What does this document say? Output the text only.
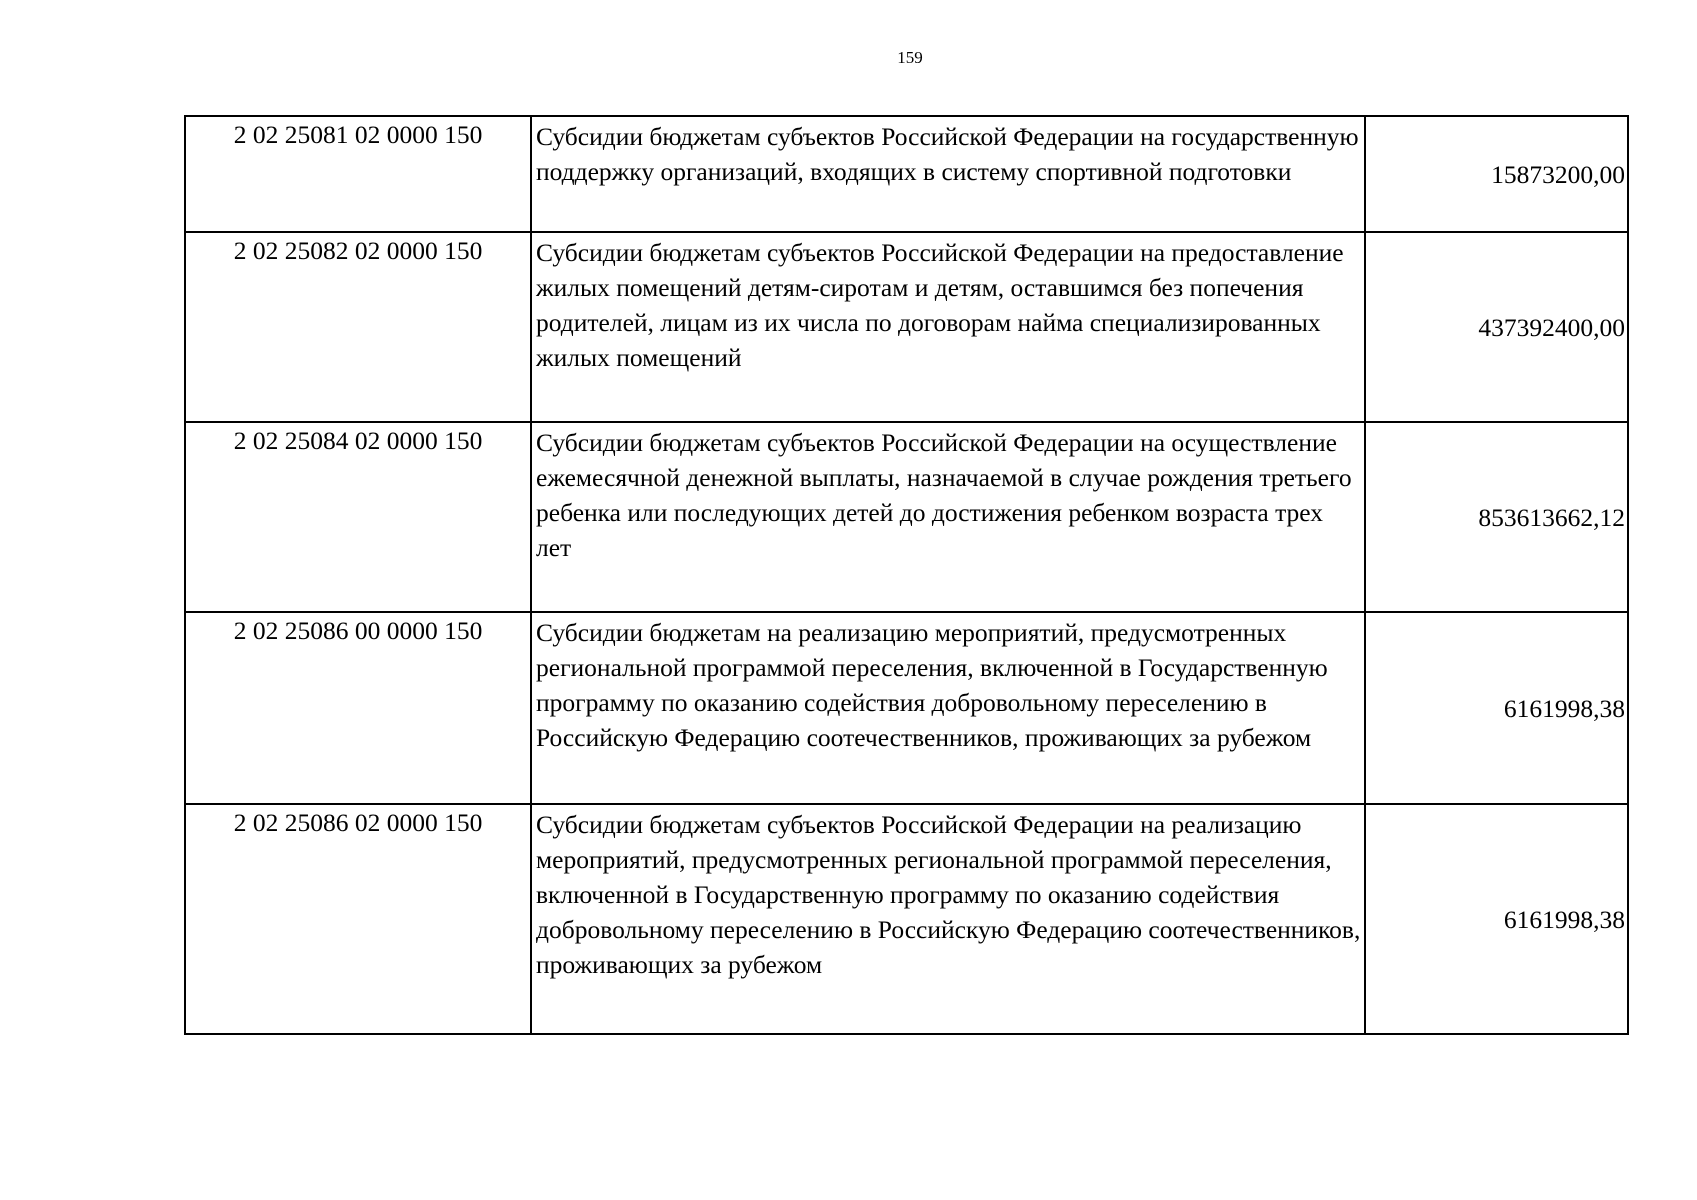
159
2 02 25081 02 0000 150	Субсидии бюджетам субъектов Российской Федерации на государственную поддержку организаций, входящих в систему спортивной подготовки	15873200,00
2 02 25082 02 0000 150	Субсидии бюджетам субъектов Российской Федерации на предоставление жилых помещений детям-сиротам и детям, оставшимся без попечения родителей, лицам из их числа по договорам найма специализированных жилых помещений	437392400,00
2 02 25084 02 0000 150	Субсидии бюджетам субъектов Российской Федерации на осуществление ежемесячной денежной выплаты, назначаемой в случае рождения третьего ребенка или последующих детей до достижения ребенком возраста трех лет	853613662,12
2 02 25086 00 0000 150	Субсидии бюджетам на реализацию мероприятий, предусмотренных региональной программой переселения, включенной в Государственную программу по оказанию содействия добровольному переселению в Российскую Федерацию соотечественников, проживающих за рубежом	6161998,38
2 02 25086 02 0000 150	Субсидии бюджетам субъектов Российской Федерации на реализацию мероприятий, предусмотренных региональной программой переселения, включенной в Государственную программу по оказанию содействия добровольному переселению в Российскую Федерацию соотечественников, проживающих за рубежом	6161998,38
